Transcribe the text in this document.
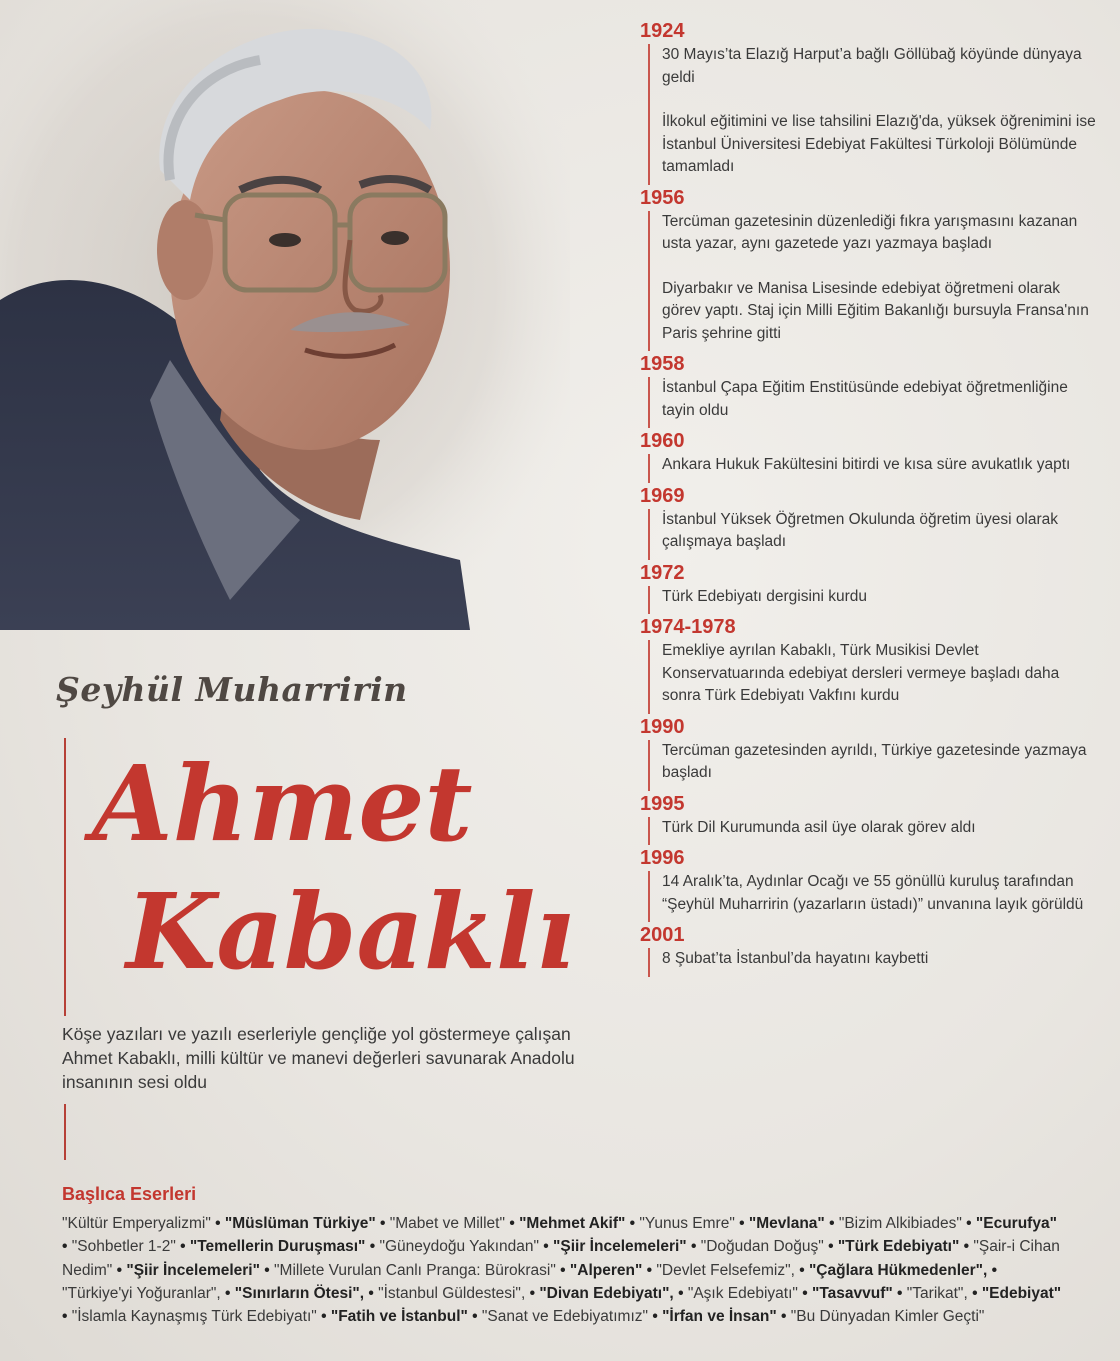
Şeyhül Muharririn
Ahmet
Kabaklı
Köşe yazıları ve yazılı eserleriyle gençliğe yol göstermeye çalışan Ahmet Kabaklı, milli kültür ve manevi değerleri savunarak Anadolu insanının sesi oldu
1924

30 Mayıs’ta Elazığ Harput’a bağlı Göllübağ köyünde dünyaya geldi

İlkokul eğitimini ve lise tahsilini Elazığ'da, yüksek öğrenimini ise İstanbul Üniversitesi Edebiyat Fakültesi Türkoloji Bölümünde tamamladı

1956

Tercüman gazetesinin düzenlediği fıkra yarışmasını kazanan usta yazar, aynı gazetede yazı yazmaya başladı

Diyarbakır ve Manisa Lisesinde edebiyat öğretmeni olarak görev yaptı. Staj için Milli Eğitim Bakanlığı bursuyla Fransa'nın Paris şehrine gitti

1958

İstanbul Çapa Eğitim Enstitüsünde edebiyat öğretmenliğine tayin oldu

1960

Ankara Hukuk Fakültesini bitirdi ve kısa süre avukatlık yaptı

1969

İstanbul Yüksek Öğretmen Okulunda öğretim üyesi olarak çalışmaya başladı

1972

Türk Edebiyatı dergisini kurdu

1974-1978

Emekliye ayrılan Kabaklı, Türk Musikisi Devlet Konservatuarında edebiyat dersleri vermeye başladı daha sonra Türk Edebiyatı Vakfını kurdu

1990

Tercüman gazetesinden ayrıldı, Türkiye gazetesinde yazmaya başladı

1995

Türk Dil Kurumunda asil üye olarak görev aldı

1996

14 Aralık’ta, Aydınlar Ocağı ve 55 gönüllü kuruluş tarafından “Şeyhül Muharririn (yazarların üstadı)” unvanına layık görüldü

2001

8 Şubat’ta İstanbul’da hayatını kaybetti

Başlıca Eserleri
"Kültür Emperyalizmi" • "Müslüman Türkiye" • "Mabet ve Millet" • "Mehmet Akif" • "Yunus Emre" • "Mevlana" • "Bizim Alkibiades" • "Ecurufya" • "Sohbetler 1-2" • "Temellerin Duruşması" • "Güneydoğu Yakından" • "Şiir İncelemeleri" • "Doğudan Doğuş" • "Türk Edebiyatı" • "Şair-i Cihan Nedim" • "Şiir İncelemeleri" • "Millete Vurulan Canlı Pranga: Bürokrasi" • "Alperen" • "Devlet Felsefemiz", • "Çağlara Hükmedenler", • "Türkiye'yi Yoğuranlar", • "Sınırların Ötesi", • "İstanbul Güldestesi", • "Divan Edebiyatı", • "Aşık Edebiyatı" • "Tasavvuf" • "Tarikat", • "Edebiyat" • "İslamla Kaynaşmış Türk Edebiyatı" • "Fatih ve İstanbul" • "Sanat ve Edebiyatımız" • "İrfan ve İnsan" • "Bu Dünyadan Kimler Geçti"
